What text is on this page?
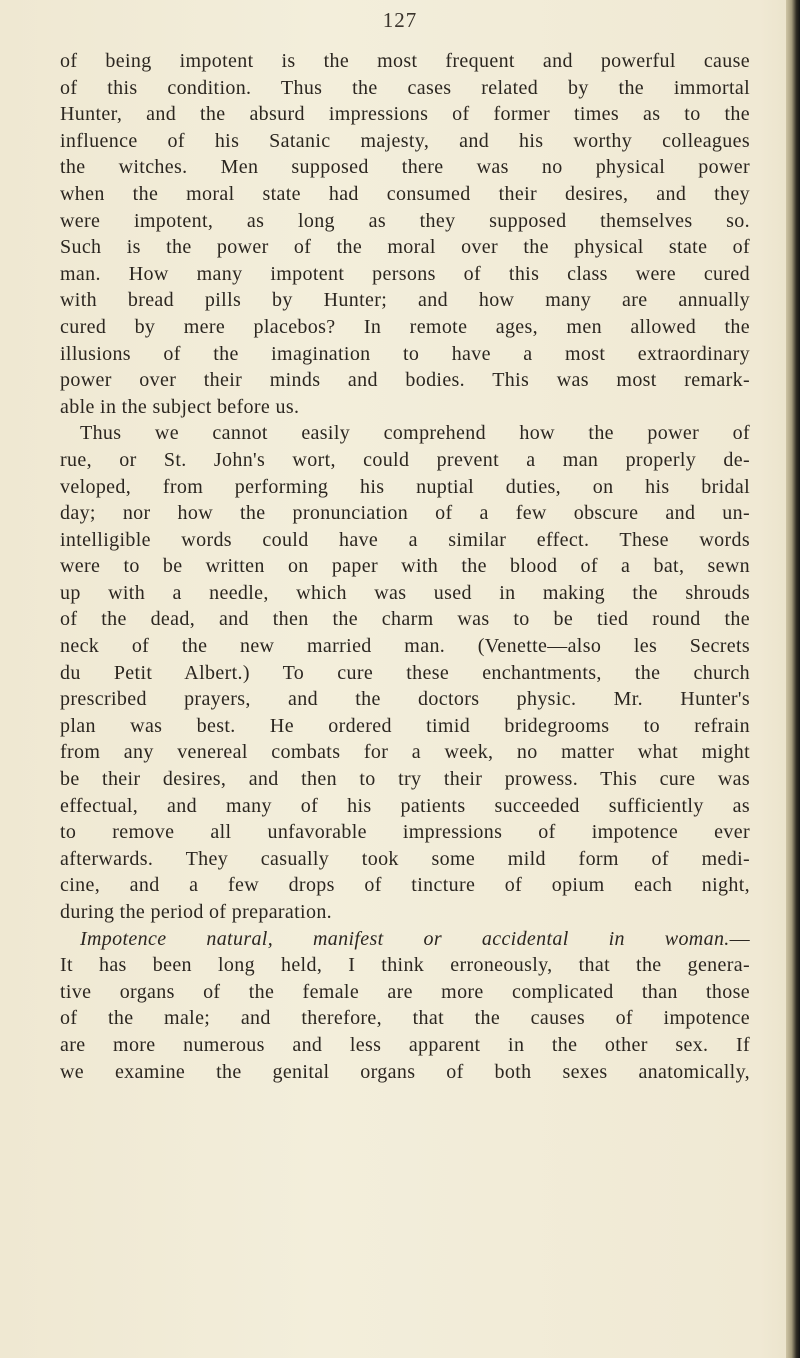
127
of being impotent is the most frequent and powerful cause
of this condition. Thus the cases related by the immortal
Hunter, and the absurd impressions of former times as to the
influence of his Satanic majesty, and his worthy colleagues
the witches. Men supposed there was no physical power
when the moral state had consumed their desires, and they
were impotent, as long as they supposed themselves so.
Such is the power of the moral over the physical state of
man. How many impotent persons of this class were cured
with bread pills by Hunter; and how many are annually
cured by mere placebos? In remote ages, men allowed the
illusions of the imagination to have a most extraordinary
power over their minds and bodies. This was most remark-
able in the subject before us.
Thus we cannot easily comprehend how the power of
rue, or St. John's wort, could prevent a man properly de-
veloped, from performing his nuptial duties, on his bridal
day; nor how the pronunciation of a few obscure and un-
intelligible words could have a similar effect. These words
were to be written on paper with the blood of a bat, sewn
up with a needle, which was used in making the shrouds
of the dead, and then the charm was to be tied round the
neck of the new married man. (Venette—also les Secrets
du Petit Albert.) To cure these enchantments, the church
prescribed prayers, and the doctors physic. Mr. Hunter's
plan was best. He ordered timid bridegrooms to refrain
from any venereal combats for a week, no matter what might
be their desires, and then to try their prowess. This cure was
effectual, and many of his patients succeeded sufficiently as
to remove all unfavorable impressions of impotence ever
afterwards. They casually took some mild form of medi-
cine, and a few drops of tincture of opium each night,
during the period of preparation.
Impotence natural, manifest or accidental in woman.—
It has been long held, I think erroneously, that the genera-
tive organs of the female are more complicated than those
of the male; and therefore, that the causes of impotence
are more numerous and less apparent in the other sex. If
we examine the genital organs of both sexes anatomically,
